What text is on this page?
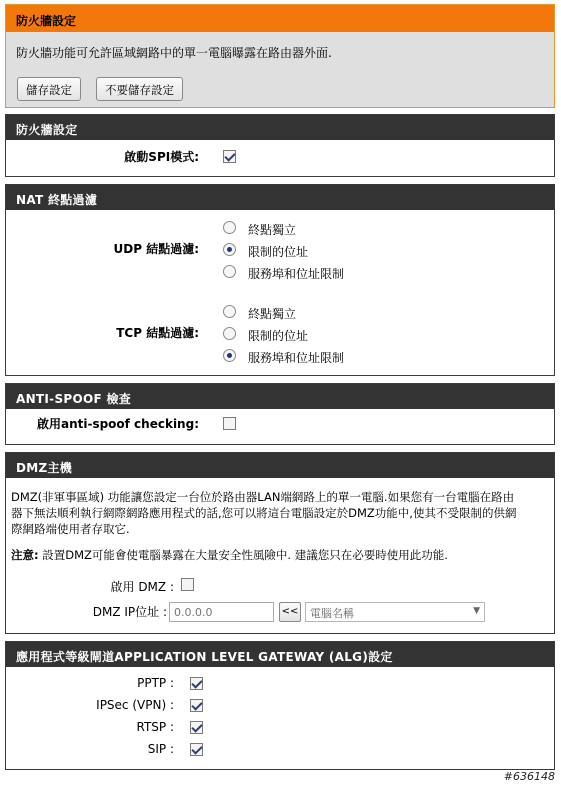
防火牆設定
防火牆功能可允許區域網路中的單一電腦曝露在路由器外面.
儲存設定	不要儲存設定
防火牆設定
啟動SPI模式:
NAT 終點過濾
UDP 結點過濾:
終點獨立
限制的位址
服務埠和位址限制
TCP 結點過濾:
終點獨立
限制的位址
服務埠和位址限制
ANTI-SPOOF 檢查
啟用anti-spoof checking:
DMZ主機
DMZ(非軍事區域) 功能讓您設定一台位於路由器LAN端網路上的單一電腦.如果您有一台電腦在路由
器下無法順利執行網際網路應用程式的話,您可以將這台電腦設定於DMZ功能中,使其不受限制的供網
際網路端使用者存取它.
注意: 設置DMZ可能會使電腦暴露在大量安全性風險中. 建議您只在必要時使用此功能.
啟用 DMZ :
DMZ IP位址 :
0.0.0.0	<<	電腦名稱	▼
應用程式等級閘道APPLICATION LEVEL GATEWAY (ALG)設定
PPTP :
IPSec (VPN) :
RTSP :
SIP :
#636148
